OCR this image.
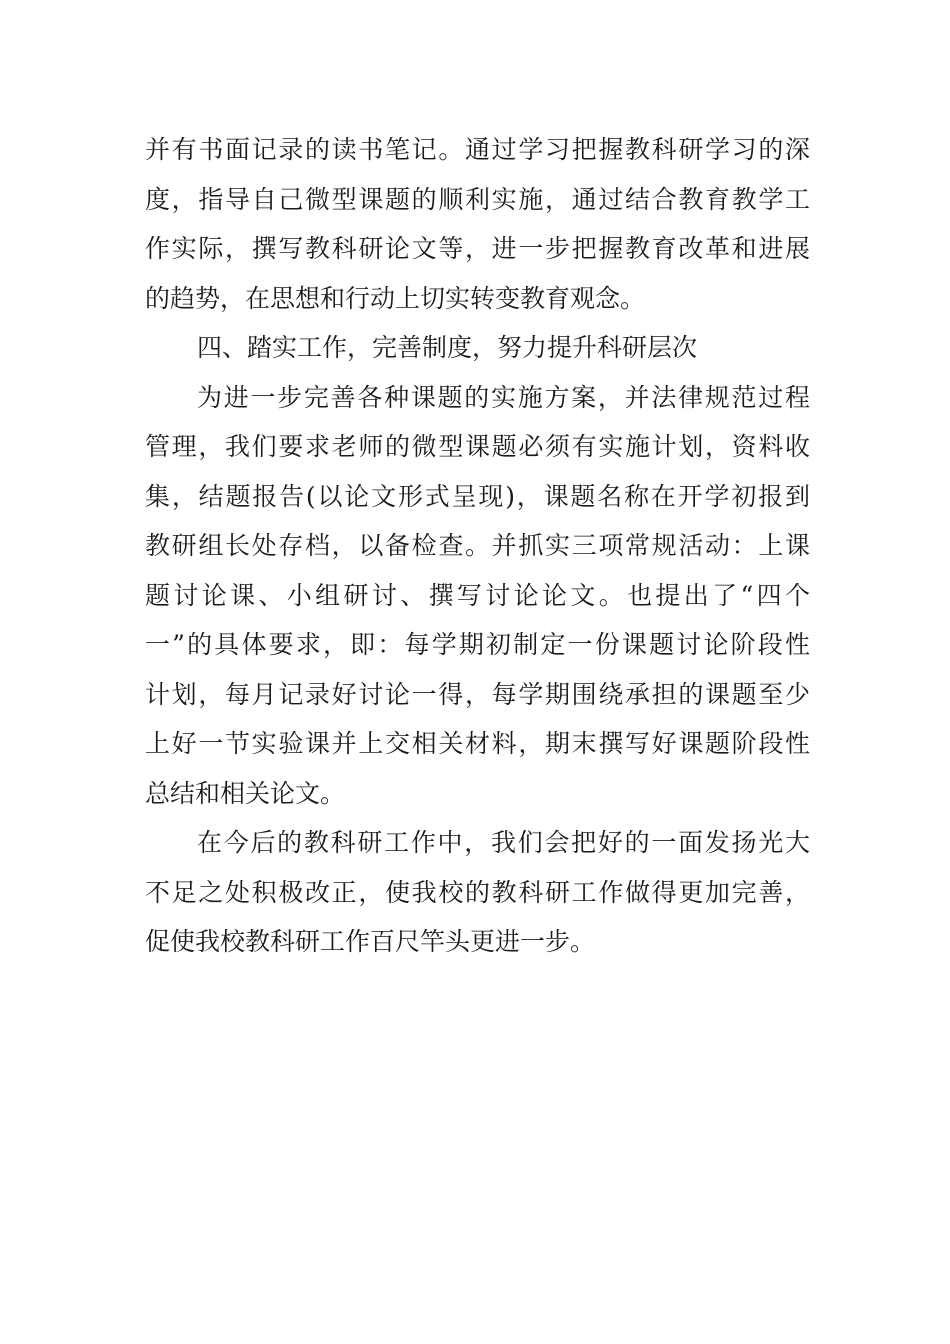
并有书面记录的读书笔记。通过学习把握教科研学习的深
度，指导自己微型课题的顺利实施，通过结合教育教学工
作实际，撰写教科研论文等，进一步把握教育改革和进展
的趋势，在思想和行动上切实转变教育观念。
四、踏实工作，完善制度，努力提升科研层次
为进一步完善各种课题的实施方案，并法律规范过程
管理，我们要求老师的微型课题必须有实施计划，资料收
集，结题报告(以论文形式呈现)，课题名称在开学初报到
教研组长处存档，以备检查。并抓实三项常规活动：上课
题讨论课、小组研讨、撰写讨论论文。也提出了“四个
一”的具体要求，即：每学期初制定一份课题讨论阶段性
计划，每月记录好讨论一得，每学期围绕承担的课题至少
上好一节实验课并上交相关材料，期末撰写好课题阶段性
总结和相关论文。
在今后的教科研工作中，我们会把好的一面发扬光大
不足之处积极改正，使我校的教科研工作做得更加完善，
促使我校教科研工作百尺竿头更进一步。
